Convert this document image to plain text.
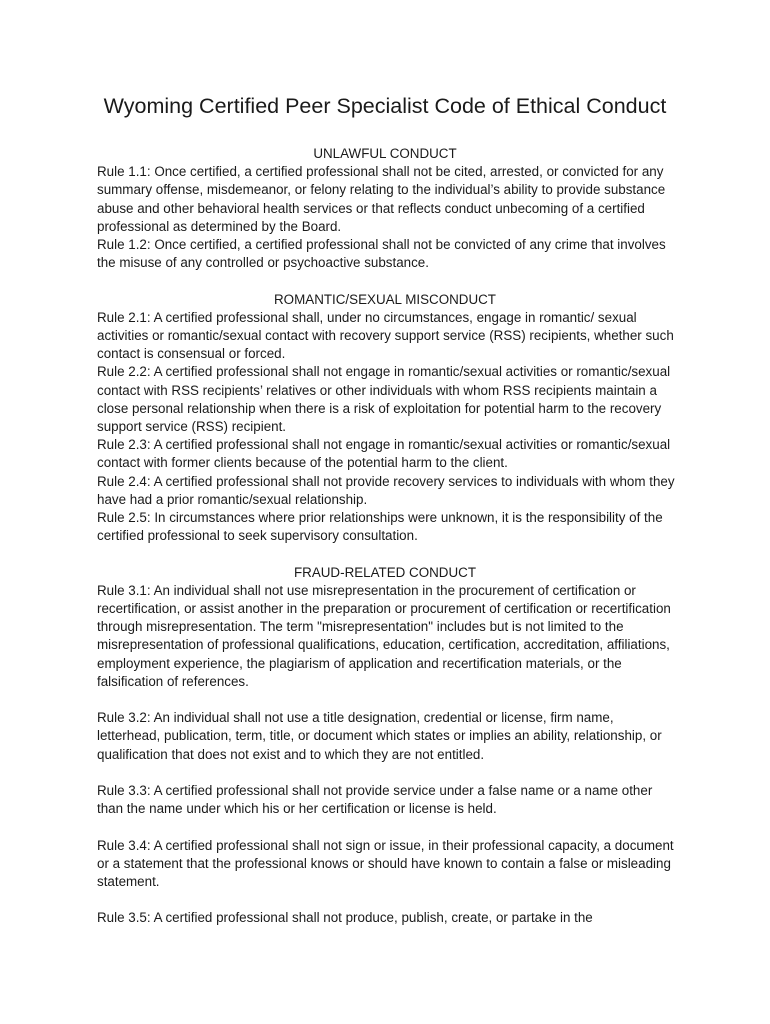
Wyoming Certified Peer Specialist Code of Ethical Conduct

UNLAWFUL CONDUCT

Rule 1.1: Once certified, a certified professional shall not be cited, arrested, or convicted for any summary offense, misdemeanor, or felony relating to the individual’s ability to provide substance abuse and other behavioral health services or that reflects conduct unbecoming of a certified professional as determined by the Board.

Rule 1.2: Once certified, a certified professional shall not be convicted of any crime that involves the misuse of any controlled or psychoactive substance.

ROMANTIC/SEXUAL MISCONDUCT

Rule 2.1: A certified professional shall, under no circumstances, engage in romantic/ sexual activities or romantic/sexual contact with recovery support service (RSS) recipients, whether such contact is consensual or forced.

Rule 2.2: A certified professional shall not engage in romantic/sexual activities or romantic/sexual contact with RSS recipients’ relatives or other individuals with whom RSS recipients maintain a close personal relationship when there is a risk of exploitation for potential harm to the recovery support service (RSS) recipient.

Rule 2.3: A certified professional shall not engage in romantic/sexual activities or romantic/sexual contact with former clients because of the potential harm to the client.

Rule 2.4: A certified professional shall not provide recovery services to individuals with whom they have had a prior romantic/sexual relationship.

Rule 2.5: In circumstances where prior relationships were unknown, it is the responsibility of the certified professional to seek supervisory consultation.

FRAUD-RELATED CONDUCT

Rule 3.1: An individual shall not use misrepresentation in the procurement of certification or recertification, or assist another in the preparation or procurement of certification or recertification through misrepresentation. The term "misrepresentation" includes but is not limited to the misrepresentation of professional qualifications, education, certification, accreditation, affiliations, employment experience, the plagiarism of application and recertification materials, or the falsification of references.

Rule 3.2: An individual shall not use a title designation, credential or license, firm name, letterhead, publication, term, title, or document which states or implies an ability, relationship, or qualification that does not exist and to which they are not entitled.

Rule 3.3: A certified professional shall not provide service under a false name or a name other than the name under which his or her certification or license is held.

Rule 3.4: A certified professional shall not sign or issue, in their professional capacity, a document or a statement that the professional knows or should have known to contain a false or misleading statement.

Rule 3.5: A certified professional shall not produce, publish, create, or partake in the
